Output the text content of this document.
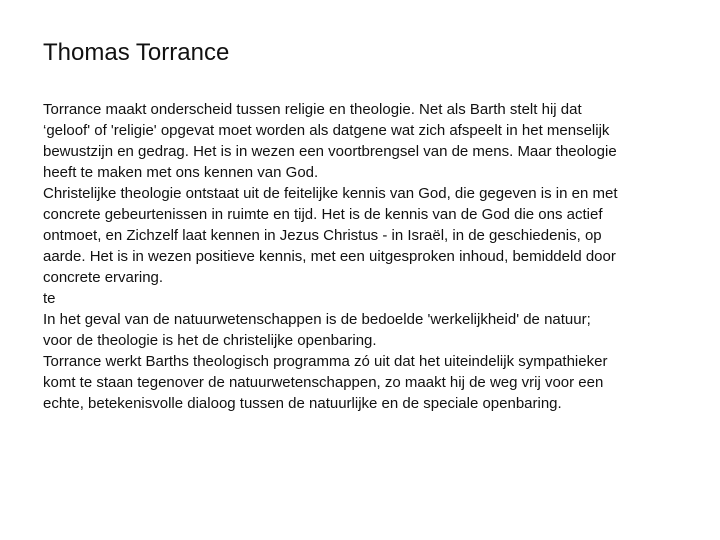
Thomas Torrance

Torrance maakt onderscheid tussen religie en theologie. Net als Barth stelt hij dat
‘geloof' of 'religie' opgevat moet worden als datgene wat zich afspeelt in het menselijk
bewustzijn en gedrag. Het is in wezen een voortbrengsel van de mens. Maar theologie
heeft te maken met ons kennen van God.

Christelijke theologie ontstaat uit de feitelijke kennis van God, die gegeven is in en met
concrete gebeurtenissen in ruimte en tijd. Het is de kennis van de God die ons actief
ontmoet, en Zichzelf laat kennen in Jezus Christus - in Israël, in de geschiedenis, op
aarde. Het is in wezen positieve kennis, met een uitgesproken inhoud, bemiddeld door
concrete ervaring.

te

In het geval van de natuurwetenschappen is de bedoelde 'werkelijkheid' de natuur;
voor de theologie is het de christelijke openbaring.

Torrance werkt Barths theologisch programma zó uit dat het uiteindelijk sympathieker
komt te staan tegenover de natuurwetenschappen, zo maakt hij de weg vrij voor een
echte, betekenisvolle dialoog tussen de natuurlijke en de speciale openbaring.
